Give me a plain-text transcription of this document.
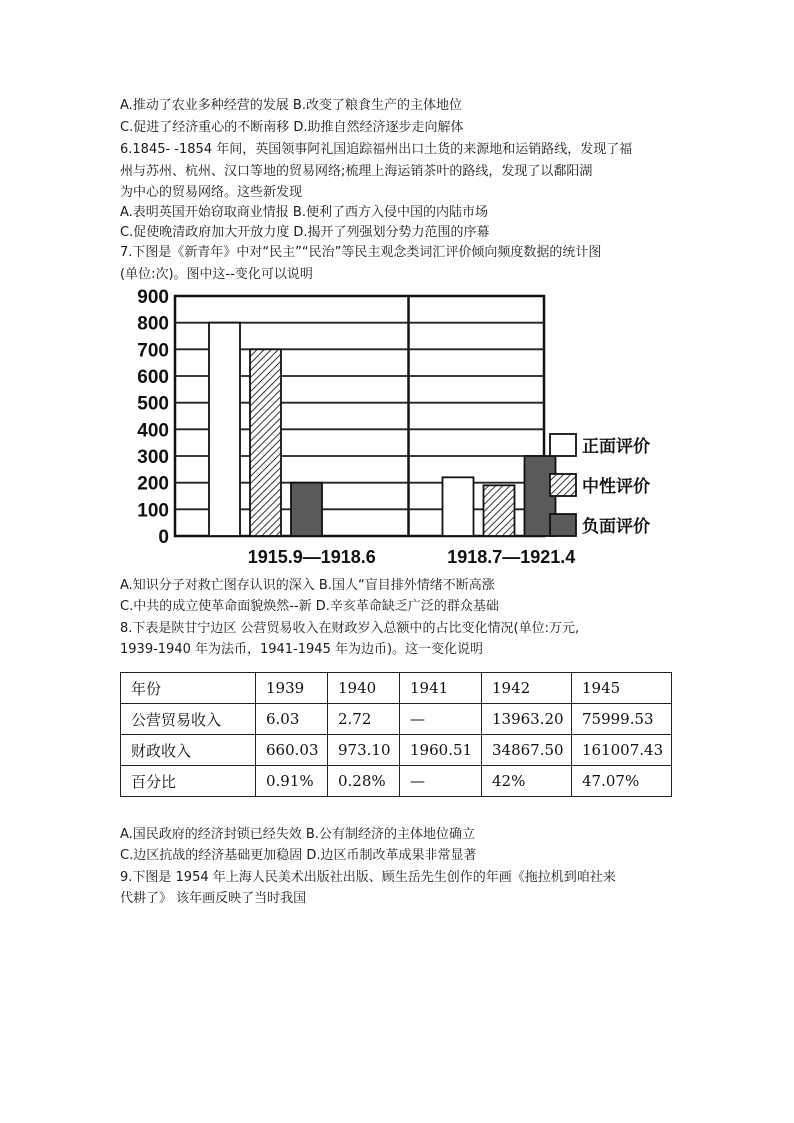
A.推动了农业多种经营的发展 B.改变了粮食生产的主体地位
C.促进了经济重心的不断南移 D.助推自然经济逐步走向解体
6.1845- -1854 年间，英国领事阿礼国追踪福州出口土货的来源地和运销路线，发现了福
州与苏州、杭州、汉口等地的贸易网络;梳理上海运销茶叶的路线，发现了以鄱阳湖
为中心的贸易网络。这些新发现
A.表明英国开始窃取商业情报 B.便利了西方入侵中国的内陆市场
C.促使晚清政府加大开放力度 D.揭开了列强划分势力范围的序幕
7.下图是《新青年》中对“民主”“民治”等民主观念类词汇评价倾向频度数据的统计图
(单位:次)。图中这--变化可以说明
0
100
200
300
400
500
600
700
800
900
1915.9—1918.6	1918.7—1921.4
正面评价
中性评价
负面评价
A.知识分子对救亡图存认识的深入 B.国人“盲目排外情绪不断高涨
C.中共的成立使革命面貌焕然--新 D.辛亥革命缺乏广泛的群众基础
8.下表是陕甘宁边区 公营贸易收入在财政岁入总额中的占比变化情况(单位:万元,
1939-1940 年为法币，1941-1945 年为边币)。这一变化说明
年份	1939	1940	1941	1942	1945
公营贸易收入	6.03	2.72	—	13963.20	75999.53
财政收入	660.03	973.10	1960.51	34867.50	161007.43
百分比	0.91%	0.28%	—	42%	47.07%
A.国民政府的经济封锁已经失效 B.公有制经济的主体地位确立
C.边区抗战的经济基础更加稳固 D.边区币制改革成果非常显著
9.下图是 1954 年上海人民美术出版社出版、顾生岳先生创作的年画《拖拉机到咱社来
代耕了》 该年画反映了当时我国
